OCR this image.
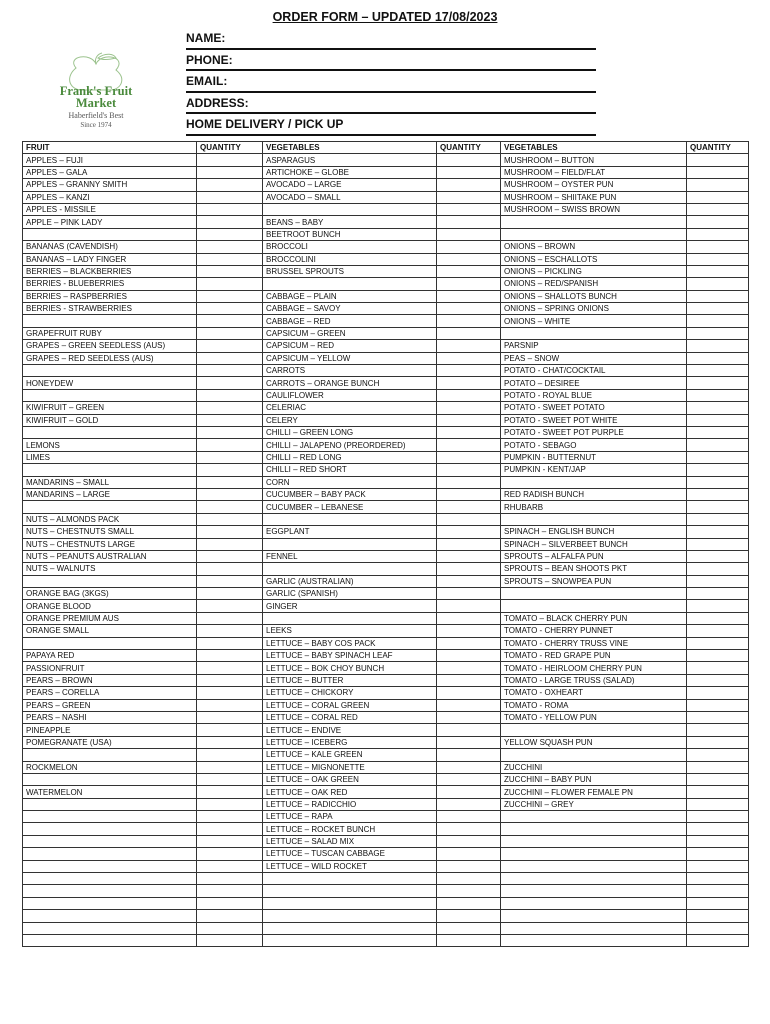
ORDER FORM – UPDATED 17/08/2023
Frank's Fruit
Market
Haberfield's Best
Since 1974
NAME:
PHONE:
EMAIL:
ADDRESS:
HOME DELIVERY / PICK UP
FRUIT	QUANTITY	VEGETABLES	QUANTITY	VEGETABLES	QUANTITY
APPLES – FUJI		ASPARAGUS		MUSHROOM – BUTTON	
APPLES – GALA		ARTICHOKE – GLOBE		MUSHROOM – FIELD/FLAT	
APPLES – GRANNY SMITH		AVOCADO – LARGE		MUSHROOM – OYSTER PUN	
APPLES – KANZI		AVOCADO – SMALL		MUSHROOM – SHIITAKE PUN	
APPLES - MISSILE				MUSHROOM – SWISS BROWN	
APPLE – PINK LADY		BEANS – BABY			
		BEETROOT BUNCH			
BANANAS (CAVENDISH)		BROCCOLI		ONIONS – BROWN	
BANANAS – LADY FINGER		BROCCOLINI		ONIONS – ESCHALLOTS	
BERRIES – BLACKBERRIES		BRUSSEL SPROUTS		ONIONS – PICKLING	
BERRIES - BLUEBERRIES				ONIONS – RED/SPANISH	
BERRIES – RASPBERRIES		CABBAGE – PLAIN		ONIONS – SHALLOTS BUNCH	
BERRIES - STRAWBERRIES		CABBAGE – SAVOY		ONIONS – SPRING ONIONS	
		CABBAGE – RED		ONIONS – WHITE	
GRAPEFRUIT RUBY		CAPSICUM – GREEN			
GRAPES – GREEN SEEDLESS (AUS)		CAPSICUM – RED		PARSNIP	
GRAPES – RED SEEDLESS (AUS)		CAPSICUM – YELLOW		PEAS – SNOW	
		CARROTS		POTATO - CHAT/COCKTAIL	
HONEYDEW		CARROTS – ORANGE BUNCH		POTATO – DESIREE	
		CAULIFLOWER		POTATO - ROYAL BLUE	
KIWIFRUIT – GREEN		CELERIAC		POTATO - SWEET POTATO	
KIWIFRUIT – GOLD		CELERY		POTATO - SWEET POT WHITE	
		CHILLI – GREEN LONG		POTATO - SWEET POT PURPLE	
LEMONS		CHILLI – JALAPENO (PREORDERED)		POTATO - SEBAGO	
LIMES		CHILLI – RED LONG		PUMPKIN - BUTTERNUT	
		CHILLI – RED SHORT		PUMPKIN - KENT/JAP	
MANDARINS – SMALL		CORN			
MANDARINS – LARGE		CUCUMBER – BABY PACK		RED RADISH BUNCH	
		CUCUMBER – LEBANESE		RHUBARB	
NUTS – ALMONDS PACK					
NUTS – CHESTNUTS SMALL		EGGPLANT		SPINACH – ENGLISH BUNCH	
NUTS – CHESTNUTS LARGE				SPINACH – SILVERBEET BUNCH	
NUTS – PEANUTS AUSTRALIAN		FENNEL		SPROUTS – ALFALFA PUN	
NUTS – WALNUTS				SPROUTS – BEAN SHOOTS PKT	
		GARLIC (AUSTRALIAN)		SPROUTS – SNOWPEA PUN	
ORANGE BAG (3KGS)		GARLIC (SPANISH)			
ORANGE BLOOD		GINGER			
ORANGE PREMIUM AUS				TOMATO – BLACK CHERRY PUN	
ORANGE SMALL		LEEKS		TOMATO - CHERRY PUNNET	
		LETTUCE – BABY COS PACK		TOMATO - CHERRY TRUSS VINE	
PAPAYA RED		LETTUCE – BABY SPINACH LEAF		TOMATO - RED GRAPE PUN	
PASSIONFRUIT		LETTUCE – BOK CHOY BUNCH		TOMATO - HEIRLOOM CHERRY PUN	
PEARS – BROWN		LETTUCE – BUTTER		TOMATO - LARGE TRUSS (SALAD)	
PEARS – CORELLA		LETTUCE – CHICKORY		TOMATO - OXHEART	
PEARS – GREEN		LETTUCE – CORAL GREEN		TOMATO - ROMA	
PEARS – NASHI		LETTUCE – CORAL RED		TOMATO - YELLOW PUN	
PINEAPPLE		LETTUCE – ENDIVE			
POMEGRANATE (USA)		LETTUCE – ICEBERG		YELLOW SQUASH PUN	
		LETTUCE – KALE GREEN			
ROCKMELON		LETTUCE – MIGNONETTE		ZUCCHINI	
		LETTUCE – OAK GREEN		ZUCCHINI – BABY PUN	
WATERMELON		LETTUCE – OAK RED		ZUCCHINI – FLOWER FEMALE PN	
		LETTUCE – RADICCHIO		ZUCCHINI – GREY	
		LETTUCE – RAPA			
		LETTUCE – ROCKET BUNCH			
		LETTUCE – SALAD MIX			
		LETTUCE – TUSCAN CABBAGE			
		LETTUCE – WILD ROCKET			
